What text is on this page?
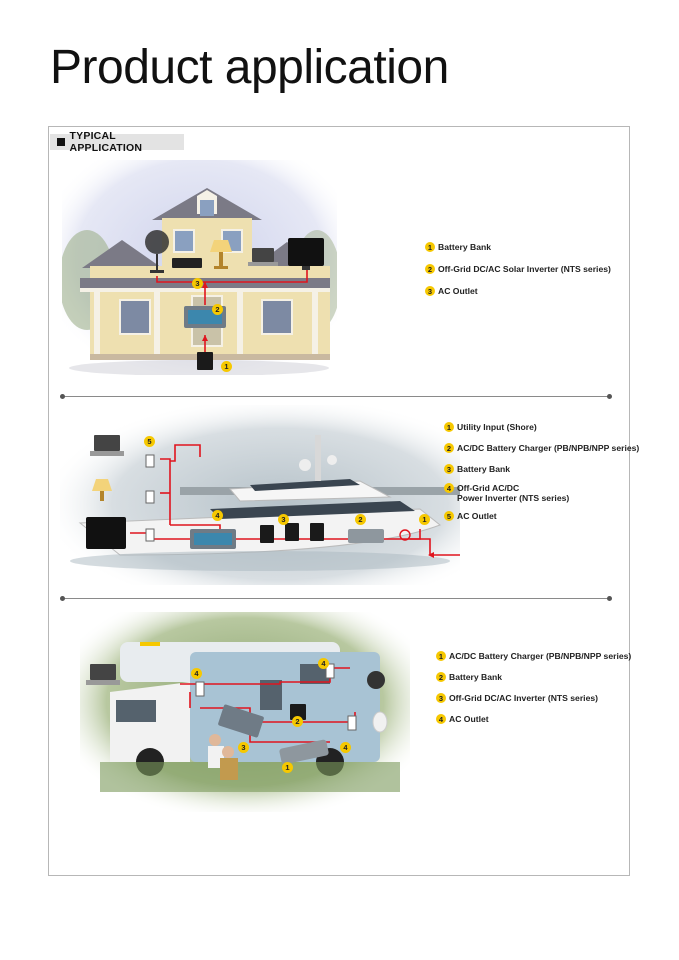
Product application
TYPICAL APPLICATION
3
2
1
1 Battery Bank
2 Off-Grid DC/AC Solar Inverter (NTS series)
3 AC Outlet
5
4	3	2	1
1 Utility Input (Shore)
2 AC/DC Battery Charger (PB/NPB/NPP series)
3 Battery Bank
4 Off-Grid AC/DC
Power Inverter (NTS series)
5 AC Outlet
4
4
2
3	4
1
1 AC/DC Battery Charger (PB/NPB/NPP series)
2 Battery Bank
3 Off-Grid DC/AC Inverter (NTS series)
4 AC Outlet
